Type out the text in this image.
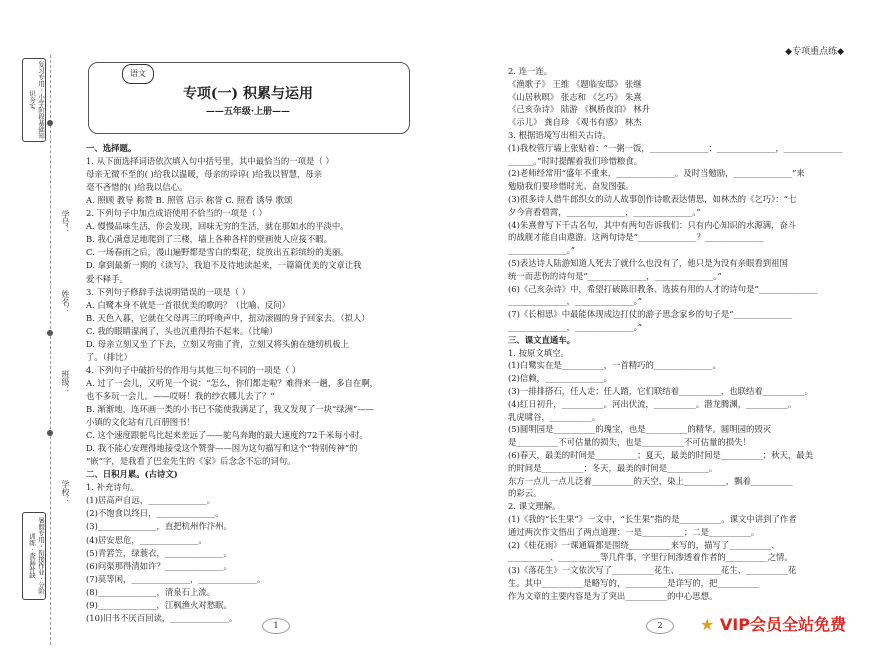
◆专项重点练◆
复习专用 · 小学阶段基础知识夯实
暑假专用 · 衔接作业 · 分阶训练 · 查漏补缺
学号：
姓名：
班级：
学校：
语文
专项(一) 积累与运用
——五年级·上册——
一、选择题。
1. 从下面选择词语依次填入句中括号里，其中最恰当的一项是（ ）
母亲无微不至的( )给我以温暖，母亲的谆谆( )给我以智慧，母亲
毫不吝惜的( )给我以信心。
A. 照顾 教导 称赞 B. 照管 启示 称誉 C. 照看 诱导 歌颂
2. 下列句子中加点成语使用不恰当的一项是（ ）
A. 慢慢品味生活，你会发现，回味无穷的生活，就在那如水的平淡中。
B. 我心满意足地爬到了三楼，墙上各种各样的壁画使人应接不暇。
C. 一场春雨之后，漫山遍野都是雪白的梨花，绽放出五彩缤纷的美丽。
D. 拿到最新一期的《读写》，我迫不及待地读起来，一篇篇优美的文章让我
爱不释手。
3. 下列句子修辞手法说明错误的一项是（ ）
A. 白鹭本身不就是一首很优美的歌吗？（比喻、反问）
B. 天色入暮，它就在父母再三的呼唤声中，扭动滚圆的身子回家去。（拟人）
C. 我的眼睛湿润了，头也沉重得抬不起来。（比喻）
D. 母亲立刻又坐了下去，立刻又弯曲了背，立刻又将头俯在缝纫机板上
了。（排比）
4. 下列句子中破折号的作用与其他三句不同的一项是（ ）
A. 过了一会儿，又听见一个说：“怎么，你们都走啦？难得来一趟，多自在啊，
也不多玩一会儿。——哎呀！我的纱衣哪儿去了？”
B. 渐渐地，连环画一类的小书已不能使我满足了，我又发现了一块“绿洲”——
小镇的文化站有几百册图书！
C. 这个速度跟鸵鸟比起来差远了——鸵鸟奔跑的最大速度约72千米每小时。
D. 我不能心安理得地接受这个赞誉——因为这句描写和这个“特别传神”的
“嵌”字，是我看了巴金先生的《家》后念念不忘的词句。
二、日积月累。(古诗文)
1. 补充诗句。
(1)居高声自远，______________。
(2)不饱食以终日，______________。
(3)______________，直把杭州作汴州。
(4)居安思危，______________。
(5)青箬笠，绿蓑衣，______________。
(6)问渠那得清如许？______________。
(7)莫等闲，______________，______________。
(8)______________，清泉石上流。
(9)______________，江枫渔火对愁眠。
(10)旧书不厌百回读，______________。
2. 连一连。
《渔歌子》 王维 《题临安邸》 张继
《山居秋暝》 张志和 《乞巧》 朱熹
《己亥杂诗》 陆游 《枫桥夜泊》 林升
《示儿》 龚自珍 《观书有感》 林杰
3. 根据语境写出相关古诗。
(1)我校管厅墙上张贴着：“一粥一饭，______________；______________，______________
______。”时时提醒着我们珍惜粮食。
(2)老师经常用“盛年不重来，______________。及时当勉励，______________”来
勉励我们要珍惜时光、奋发图强。
(3)很多诗人借牛郎织女的动人故事创作诗歌表达情思，如林杰的《乞巧》：“七
夕今宵看碧霄，______________，______________。”
(4)朱熹曾写下千古名句，其中有两句告诉我们：只有内心知识的水源满，奋斗
的战舰才能自由遨游。这两句诗是“______________？______________
______________。”
(5)表达诗人陆游知道人死去了就什么也没有了，他只是为没有亲眼看到祖国
统一而悲伤的诗句是“______________，______________。”
(6)《己亥杂诗》中，希望打破陈旧教条、选拔有用的人才的诗句是“______________
______________，______________。”
(7)《长相思》中最能体现成边打仗的游子思念家乡的句子是“______________
______________，______________。”
三、课文直通车。
1. 按原文填空。
(1)白鹭实在是__________，一首精巧的______________。
(2)信赖，______________。
(3)一排排搭石，任人走；任人踏，它们联结着__________，也联结着__________。
(4)红日初升，__________。河出伏流，__________。潜龙腾渊，__________。
乳虎啸谷，__________。
(5)圆明园是__________的瑰宝，也是__________的精华。圆明园的毁灭
是__________不可估量的损失，也是__________不可估量的损失！
(6)春天，最美的时间是__________；夏天，最美的时间是__________；秋天，最美
的时间是__________；冬天，最美的时间是__________。
东方一点儿一点儿泛着__________的天空，染上__________，飘着__________
的彩云。
2. 课文理解。
(1)《我的“长生果”》一文中，“长生果”指的是__________。课文中讲到了作者
通过两次作文悟出了两点道理：一是__________；二是__________。
(2)《桂花雨》一课通篇都是围绕__________来写的，描写了__________、
__________、__________等几件事，字里行间渗透着作者的__________之情。
(3)《落花生》一文依次写了__________花生、__________花生、__________花
生。其中__________是略写的，__________是详写的，把__________
作为文章的主要内容是为了突出__________的中心思想。
1	2	★ VIP会员全站免费
